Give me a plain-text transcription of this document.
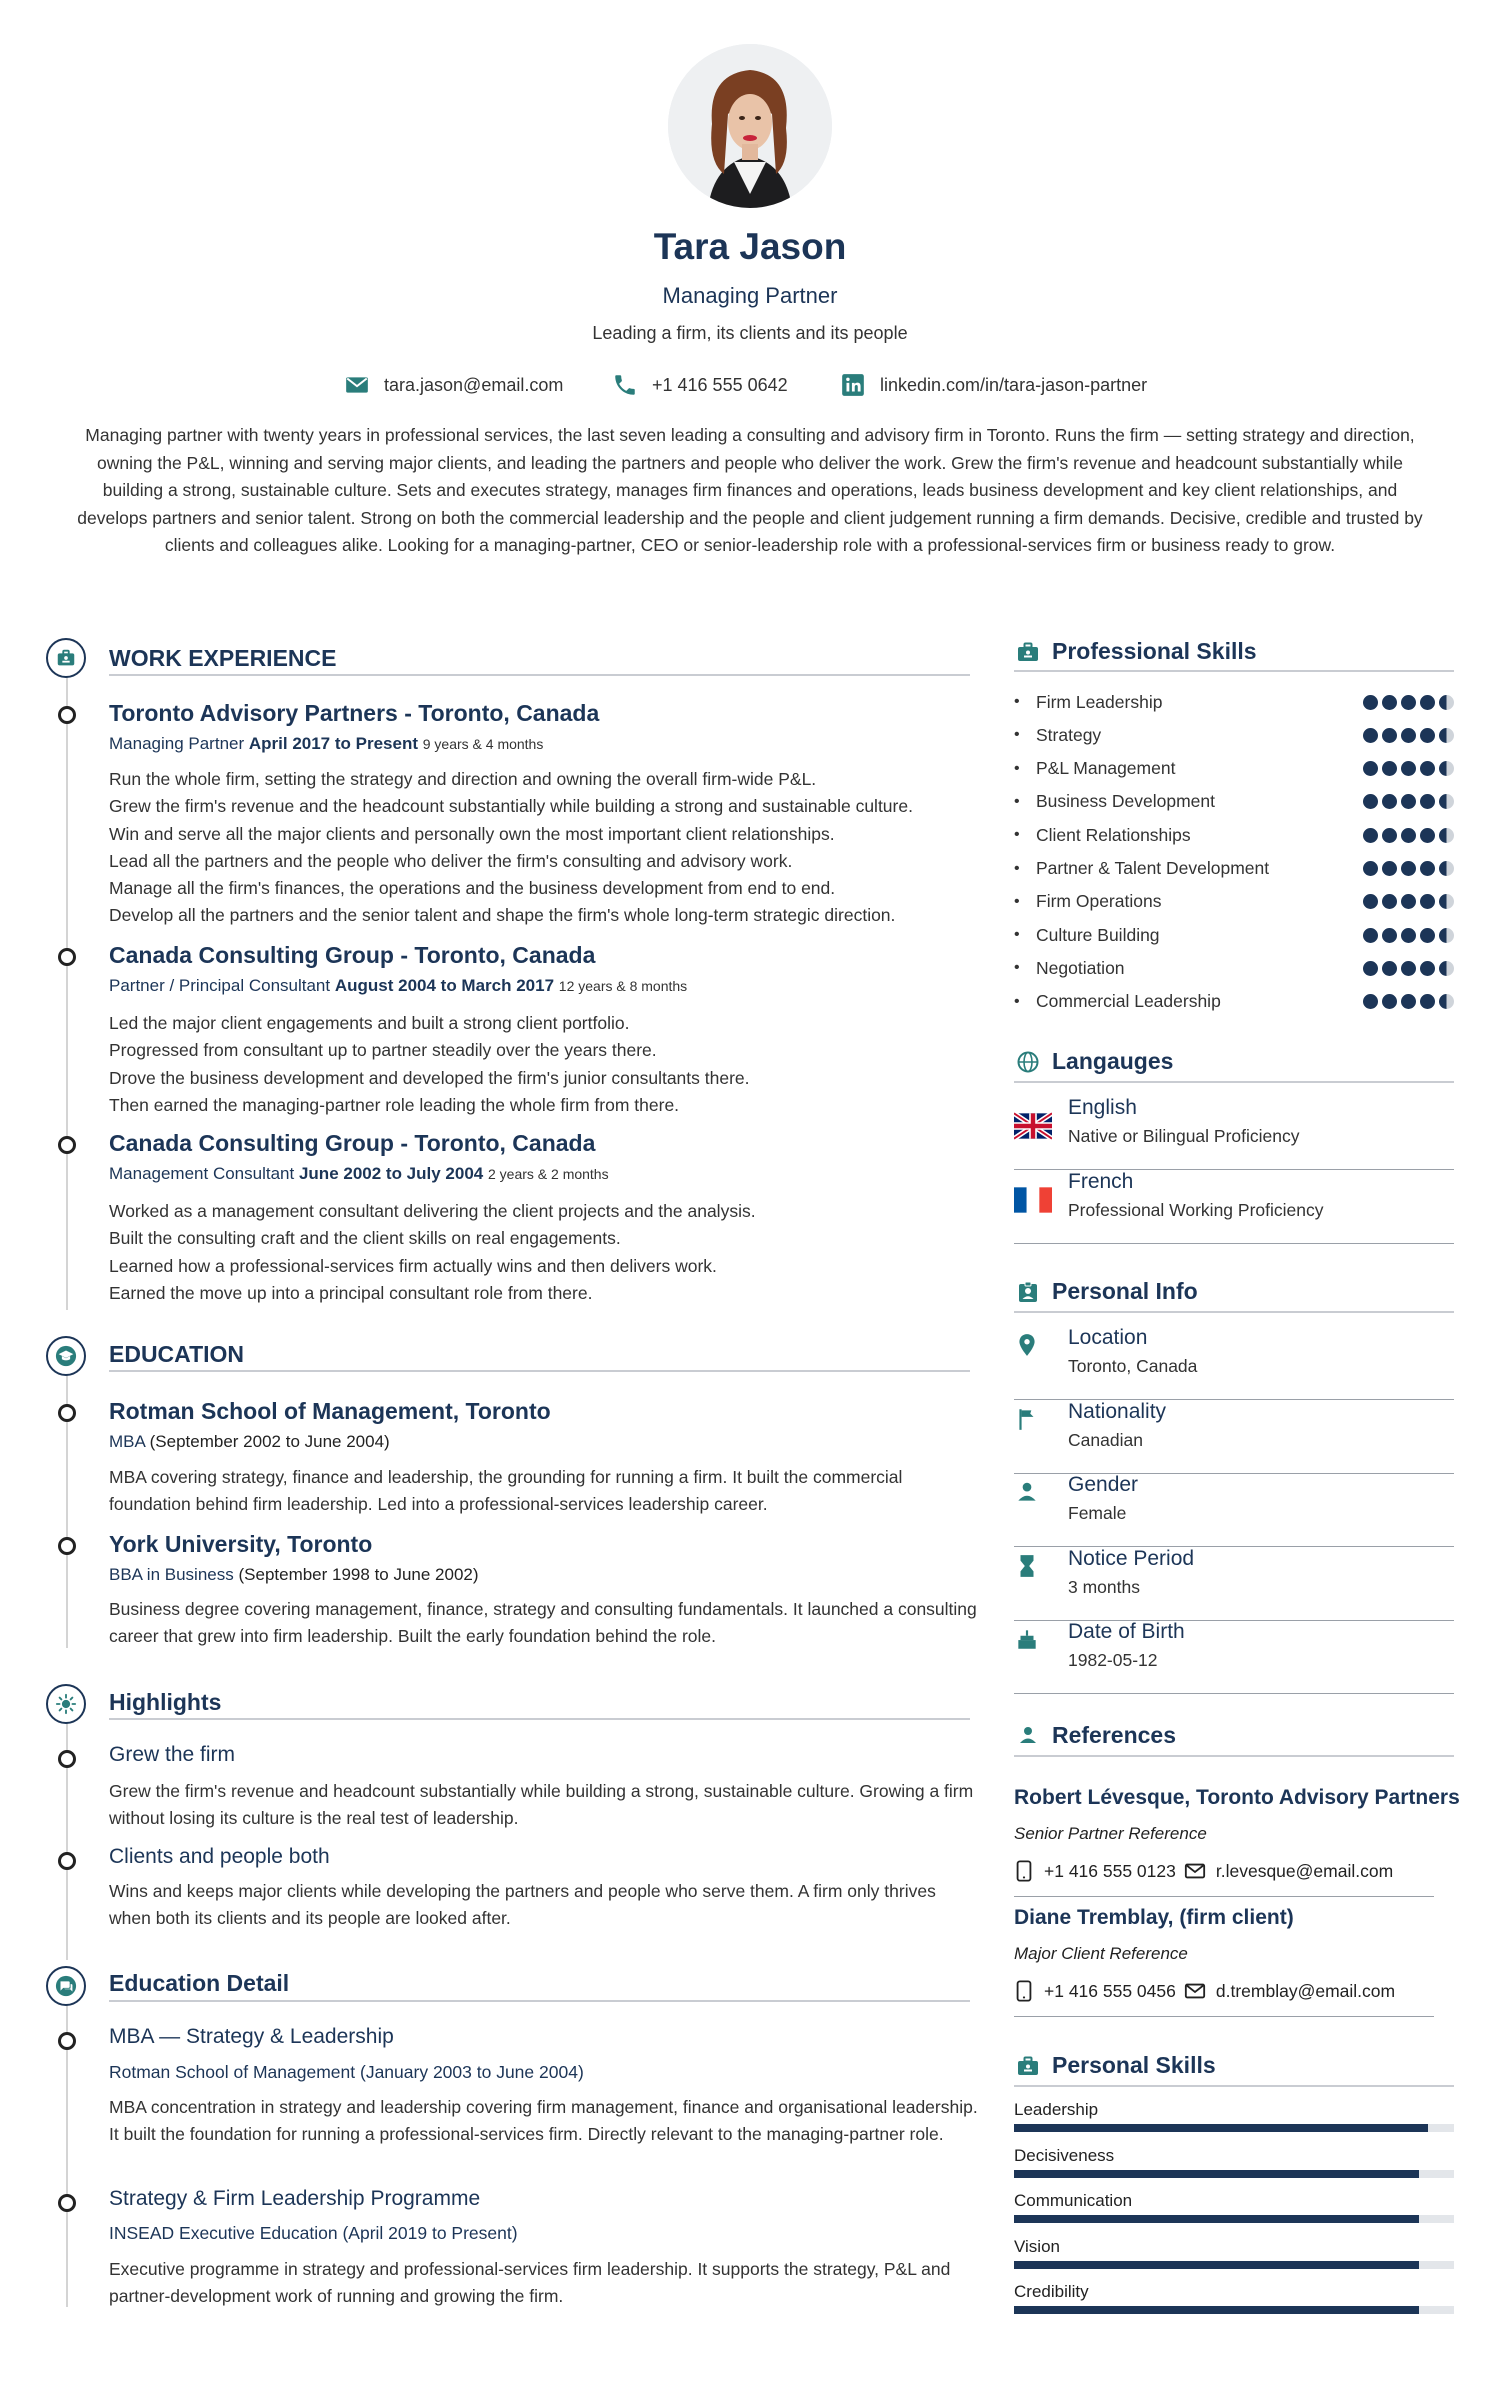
Tara Jason
Managing Partner
Leading a firm, its clients and its people
tara.jason@email.com	+1 416 555 0642	linkedin.com/in/tara-jason-partner
Managing partner with twenty years in professional services, the last seven leading a consulting and advisory firm in Toronto. Runs the firm — setting strategy and direction, owning the P&L, winning and serving major clients, and leading the partners and people who deliver the work. Grew the firm's revenue and headcount substantially while building a strong, sustainable culture. Sets and executes strategy, manages firm finances and operations, leads business development and key client relationships, and develops partners and senior talent. Strong on both the commercial leadership and the people and client judgement running a firm demands. Decisive, credible and trusted by clients and colleagues alike. Looking for a managing-partner, CEO or senior-leadership role with a professional-services firm or business ready to grow.
WORK EXPERIENCE
Toronto Advisory Partners - Toronto, Canada
Managing Partner April 2017 to Present 9 years & 4 months
Run the whole firm, setting the strategy and direction and owning the overall firm-wide P&L.
Grew the firm's revenue and the headcount substantially while building a strong and sustainable culture.
Win and serve all the major clients and personally own the most important client relationships.
Lead all the partners and the people who deliver the firm's consulting and advisory work.
Manage all the firm's finances, the operations and the business development from end to end.
Develop all the partners and the senior talent and shape the firm's whole long-term strategic direction.
Canada Consulting Group - Toronto, Canada
Partner / Principal Consultant August 2004 to March 2017 12 years & 8 months
Led the major client engagements and built a strong client portfolio.
Progressed from consultant up to partner steadily over the years there.
Drove the business development and developed the firm's junior consultants there.
Then earned the managing-partner role leading the whole firm from there.
Canada Consulting Group - Toronto, Canada
Management Consultant June 2002 to July 2004 2 years & 2 months
Worked as a management consultant delivering the client projects and the analysis.
Built the consulting craft and the client skills on real engagements.
Learned how a professional-services firm actually wins and then delivers work.
Earned the move up into a principal consultant role from there.
EDUCATION
Rotman School of Management, Toronto
MBA (September 2002 to June 2004)
MBA covering strategy, finance and leadership, the grounding for running a firm. It built the commercial foundation behind firm leadership. Led into a professional-services leadership career.
York University, Toronto
BBA in Business (September 1998 to June 2002)
Business degree covering management, finance, strategy and consulting fundamentals. It launched a consulting career that grew into firm leadership. Built the early foundation behind the role.
Highlights
Grew the firm
Grew the firm's revenue and headcount substantially while building a strong, sustainable culture. Growing a firm without losing its culture is the real test of leadership.
Clients and people both
Wins and keeps major clients while developing the partners and people who serve them. A firm only thrives when both its clients and its people are looked after.
Education Detail
MBA — Strategy & Leadership
Rotman School of Management (January 2003 to June 2004)
MBA concentration in strategy and leadership covering firm management, finance and organisational leadership. It built the foundation for running a professional-services firm. Directly relevant to the managing-partner role.
Strategy & Firm Leadership Programme
INSEAD Executive Education (April 2019 to Present)
Executive programme in strategy and professional-services firm leadership. It supports the strategy, P&L and partner-development work of running and growing the firm.
Professional Skills
• Firm Leadership
• Strategy
• P&L Management
• Business Development
• Client Relationships
• Partner & Talent Development
• Firm Operations
• Culture Building
• Negotiation
• Commercial Leadership
Langauges
English
Native or Bilingual Proficiency
French
Professional Working Proficiency
Personal Info
Location
Toronto, Canada
Nationality
Canadian
Gender
Female
Notice Period
3 months
Date of Birth
1982-05-12
References
Robert Lévesque, Toronto Advisory Partners
Senior Partner Reference
+1 416 555 0123 r.levesque@email.com
Diane Tremblay, (firm client)
Major Client Reference
+1 416 555 0456 d.tremblay@email.com
Personal Skills
Leadership
Decisiveness
Communication
Vision
Credibility
